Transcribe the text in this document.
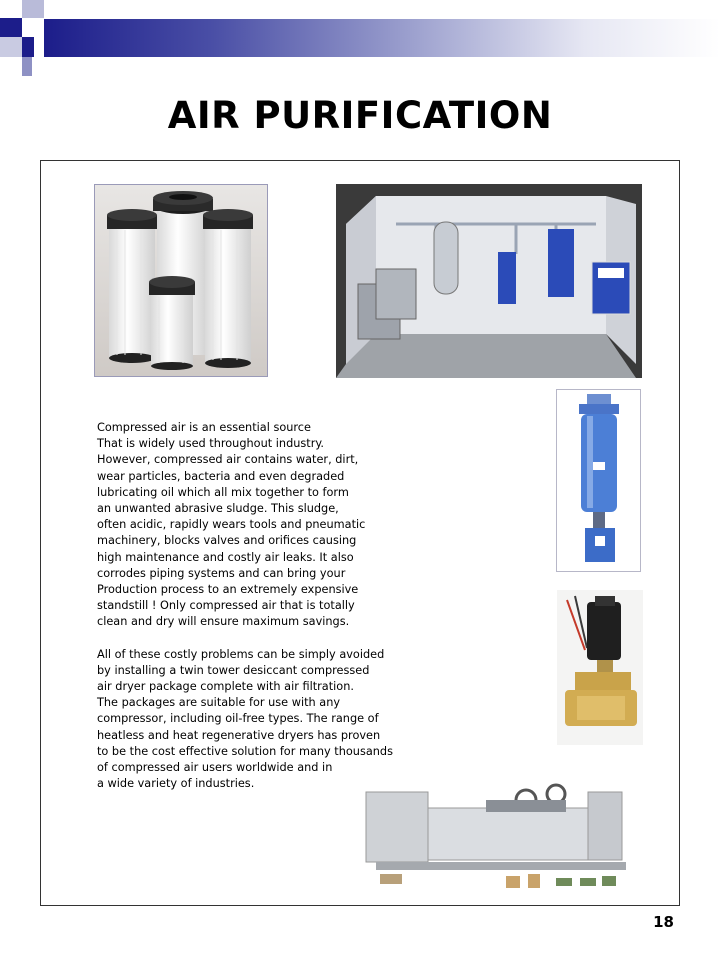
AIR PURIFICATION

Compressed air is an essential source
That is widely used throughout industry.
However, compressed air contains water, dirt,
wear particles, bacteria and even degraded
lubricating oil which all mix together to form
an unwanted abrasive sludge. This sludge,
often acidic, rapidly wears tools and pneumatic
machinery, blocks valves and orifices causing
high maintenance and costly air leaks. It also
corrodes piping systems and can bring your
Production process to an extremely expensive
standstill ! Only compressed air that is totally
clean and dry will ensure maximum savings.

All of these costly problems can be simply avoided
by installing a twin tower desiccant compressed
air dryer package complete with air filtration.
The packages are suitable for use with any
compressor, including oil-free types. The range of
heatless and heat regenerative dryers has proven
to be the cost effective solution for many thousands
of compressed air users worldwide and in
a wide variety of industries.

18
